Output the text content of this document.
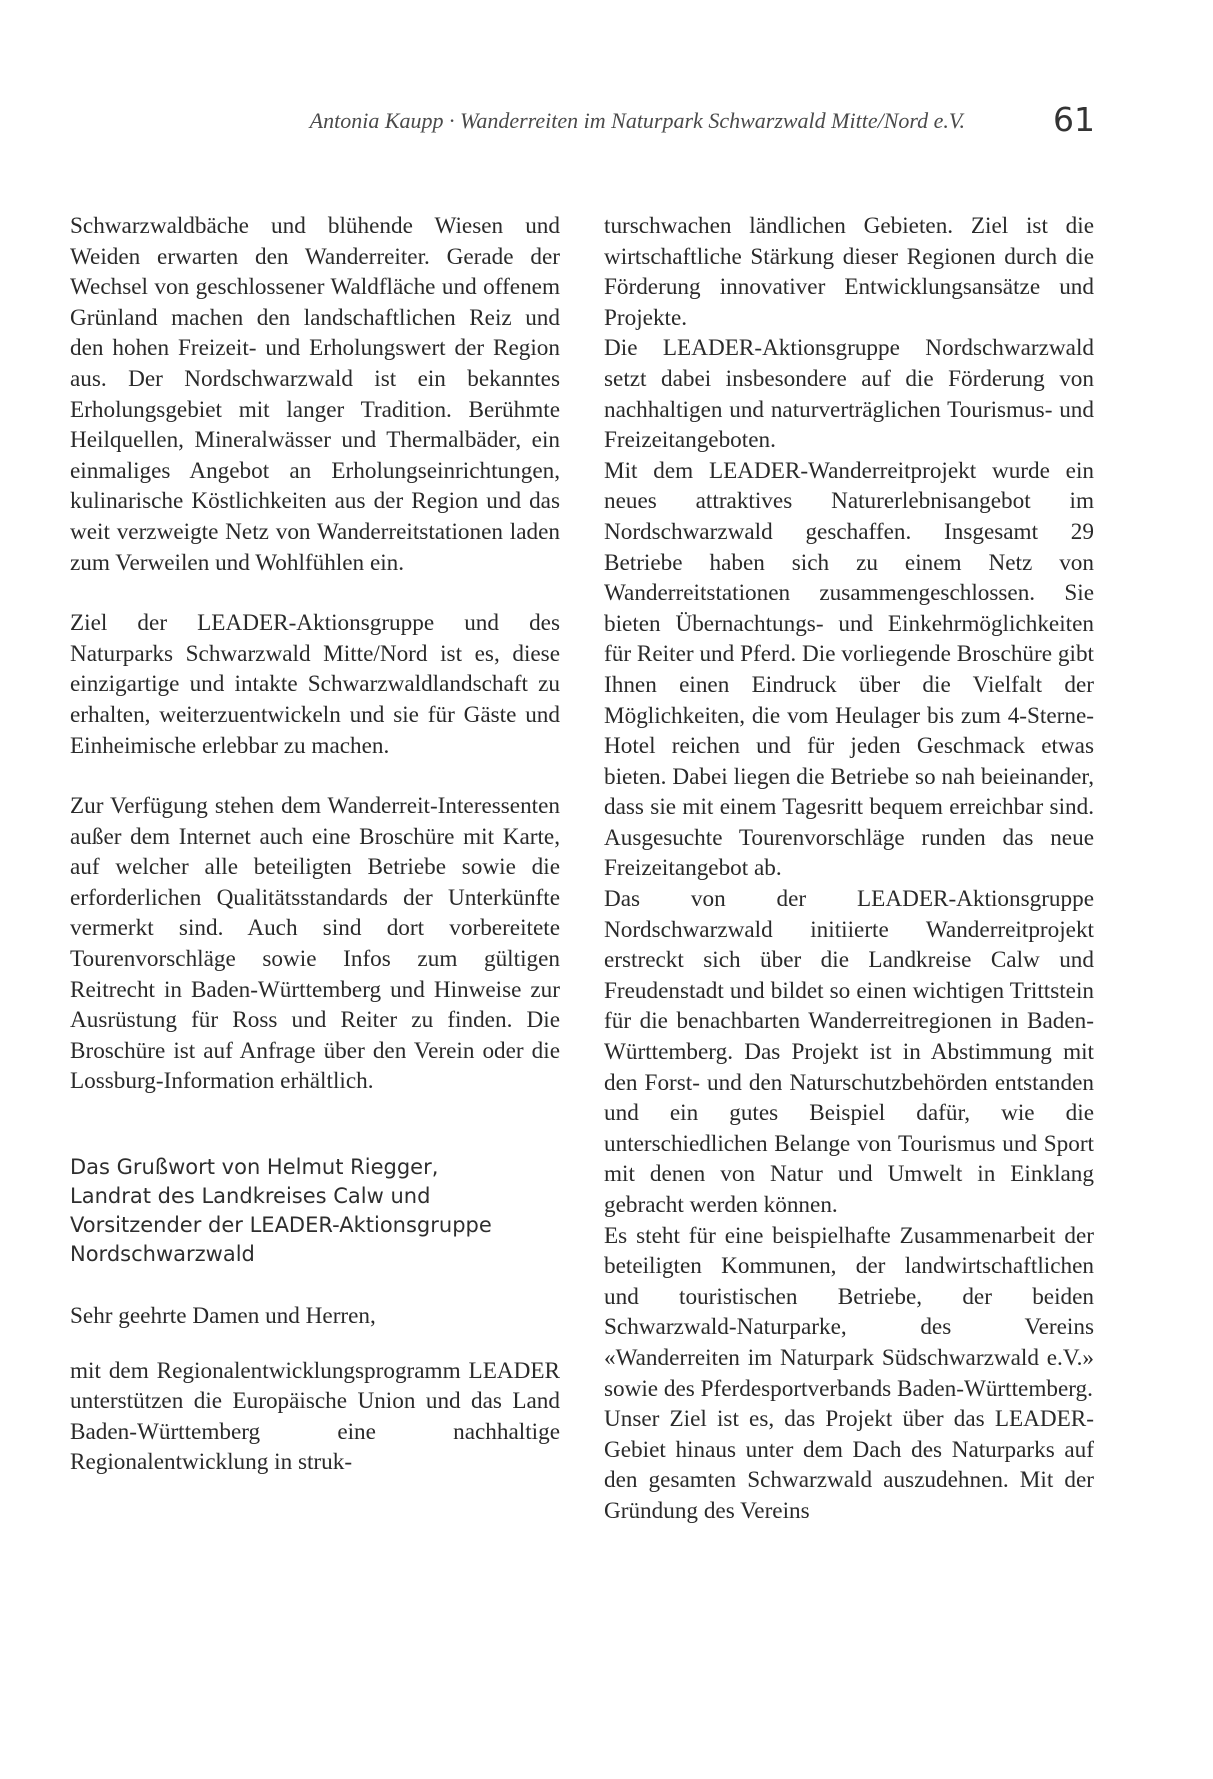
Antonia Kaupp · Wanderreiten im Naturpark Schwarzwald Mitte/Nord e.V.	61

Schwarzwaldbäche und blühende Wiesen und Weiden erwarten den Wanderreiter. Gerade der Wechsel von geschlossener Waldfläche und offenem Grünland machen den landschaftlichen Reiz und den hohen Freizeit- und Erholungswert der Region aus. Der Nordschwarzwald ist ein bekanntes Erholungsgebiet mit langer Tradition. Berühmte Heilquellen, Mineralwässer und Thermalbäder, ein einmaliges Angebot an Erholungseinrichtungen, kulinarische Köstlichkeiten aus der Region und das weit verzweigte Netz von Wanderreitstationen laden zum Verweilen und Wohlfühlen ein.

Ziel der LEADER-Aktionsgruppe und des Naturparks Schwarzwald Mitte/Nord ist es, diese einzigartige und intakte Schwarzwaldlandschaft zu erhalten, weiterzuentwickeln und sie für Gäste und Einheimische erlebbar zu machen.

Zur Verfügung stehen dem Wanderreit-Interessenten außer dem Internet auch eine Broschüre mit Karte, auf welcher alle beteiligten Betriebe sowie die erforderlichen Qualitätsstandards der Unterkünfte vermerkt sind. Auch sind dort vorbereitete Tourenvorschläge sowie Infos zum gültigen Reitrecht in Baden-Württemberg und Hinweise zur Ausrüstung für Ross und Reiter zu finden. Die Broschüre ist auf Anfrage über den Verein oder die Lossburg-Information erhältlich.

Das Grußwort von Helmut Riegger,

Landrat des Landkreises Calw und

Vorsitzender der LEADER-Aktionsgruppe

Nordschwarzwald

Sehr geehrte Damen und Herren,

mit dem Regionalentwicklungsprogramm LEADER unterstützen die Europäische Union und das Land Baden-Württemberg eine nachhaltige Regionalentwicklung in struk-

turschwachen ländlichen Gebieten. Ziel ist die wirtschaftliche Stärkung dieser Regionen durch die Förderung innovativer Entwicklungsansätze und Projekte.

Die LEADER-Aktionsgruppe Nordschwarzwald setzt dabei insbesondere auf die Förderung von nachhaltigen und naturverträglichen Tourismus- und Freizeitangeboten.

Mit dem LEADER-Wanderreitprojekt wurde ein neues attraktives Naturerlebnisangebot im Nordschwarzwald geschaffen. Insgesamt 29 Betriebe haben sich zu einem Netz von Wanderreitstationen zusammengeschlossen. Sie bieten Übernachtungs- und Einkehrmöglichkeiten für Reiter und Pferd. Die vorliegende Broschüre gibt Ihnen einen Eindruck über die Vielfalt der Möglichkeiten, die vom Heulager bis zum 4-Sterne-Hotel reichen und für jeden Geschmack etwas bieten. Dabei liegen die Betriebe so nah beieinander, dass sie mit einem Tagesritt bequem erreichbar sind. Ausgesuchte Tourenvorschläge runden das neue Freizeitangebot ab.

Das von der LEADER-Aktionsgruppe Nordschwarzwald initiierte Wanderreitprojekt erstreckt sich über die Landkreise Calw und Freudenstadt und bildet so einen wichtigen Trittstein für die benachbarten Wanderreitregionen in Baden-Württemberg. Das Projekt ist in Abstimmung mit den Forst- und den Naturschutzbehörden entstanden und ein gutes Beispiel dafür, wie die unterschiedlichen Belange von Tourismus und Sport mit denen von Natur und Umwelt in Einklang gebracht werden können.

Es steht für eine beispielhafte Zusammenarbeit der beteiligten Kommunen, der landwirtschaftlichen und touristischen Betriebe, der beiden Schwarzwald-Naturparke, des Vereins «Wanderreiten im Naturpark Südschwarzwald e.V.» sowie des Pferdesportverbands Baden-Württemberg.

Unser Ziel ist es, das Projekt über das LEADER-Gebiet hinaus unter dem Dach des Naturparks auf den gesamten Schwarzwald auszudehnen. Mit der Gründung des Vereins
